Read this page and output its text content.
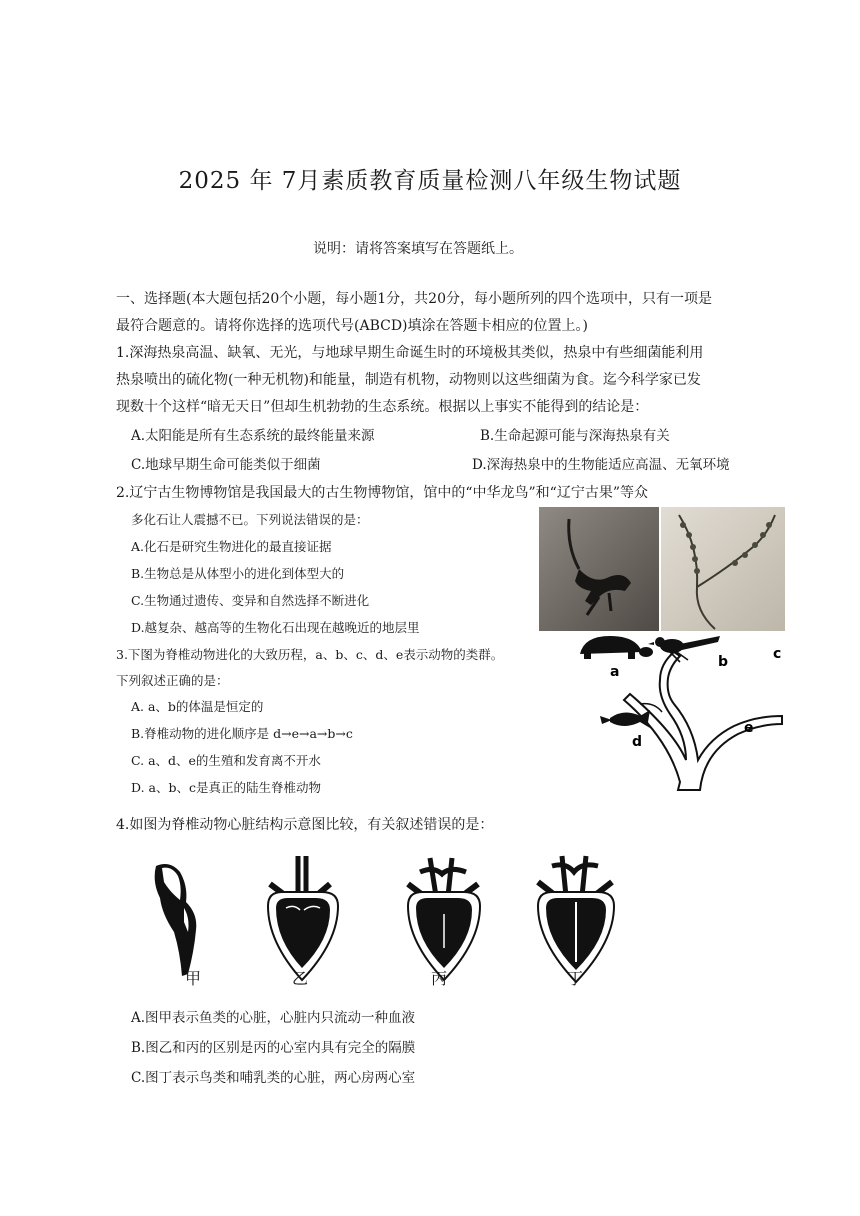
2025 年 7月素质教育质量检测八年级生物试题
说明：请将答案填写在答题纸上。
一、选择题(本大题包括20个小题，每小题1分，共20分，每小题所列的四个选项中，只有一项是
最符合题意的。请将你选择的选项代号(ABCD)填涂在答题卡相应的位置上。)
1.深海热泉高温、缺氧、无光，与地球早期生命诞生时的环境极其类似，热泉中有些细菌能利用
热泉喷出的硫化物(一种无机物)和能量，制造有机物，动物则以这些细菌为食。迄今科学家已发
现数十个这样“暗无天日”但却生机勃勃的生态系统。根据以上事实不能得到的结论是：
A.太阳能是所有生态系统的最终能量来源	B.生命起源可能与深海热泉有关
C.地球早期生命可能类似于细菌	D.深海热泉中的生物能适应高温、无氧环境
2.辽宁古生物博物馆是我国最大的古生物博物馆，馆中的“中华龙鸟”和“辽宁古果”等众
多化石让人震撼不已。下列说法错误的是：
A.化石是研究生物进化的最直接证据
B.生物总是从体型小的进化到体型大的
C.生物通过遗传、变异和自然选择不断进化
D.越复杂、越高等的生物化石出现在越晚近的地层里
3.下图为脊椎动物进化的大致历程，a、b、c、d、e表示动物的类群。
下列叙述正确的是：
A. a、b的体温是恒定的
B.脊椎动物的进化顺序是 d→e→a→b→c
C. a、d、e的生殖和发育离不开水
D. a、b、c是真正的陆生脊椎动物
a
b	c
d
e
4.如图为脊椎动物心脏结构示意图比较，有关叙述错误的是：
甲	乙	丙	丁
A.图甲表示鱼类的心脏，心脏内只流动一种血液
B.图乙和丙的区别是丙的心室内具有完全的隔膜
C.图丁表示鸟类和哺乳类的心脏，两心房两心室
